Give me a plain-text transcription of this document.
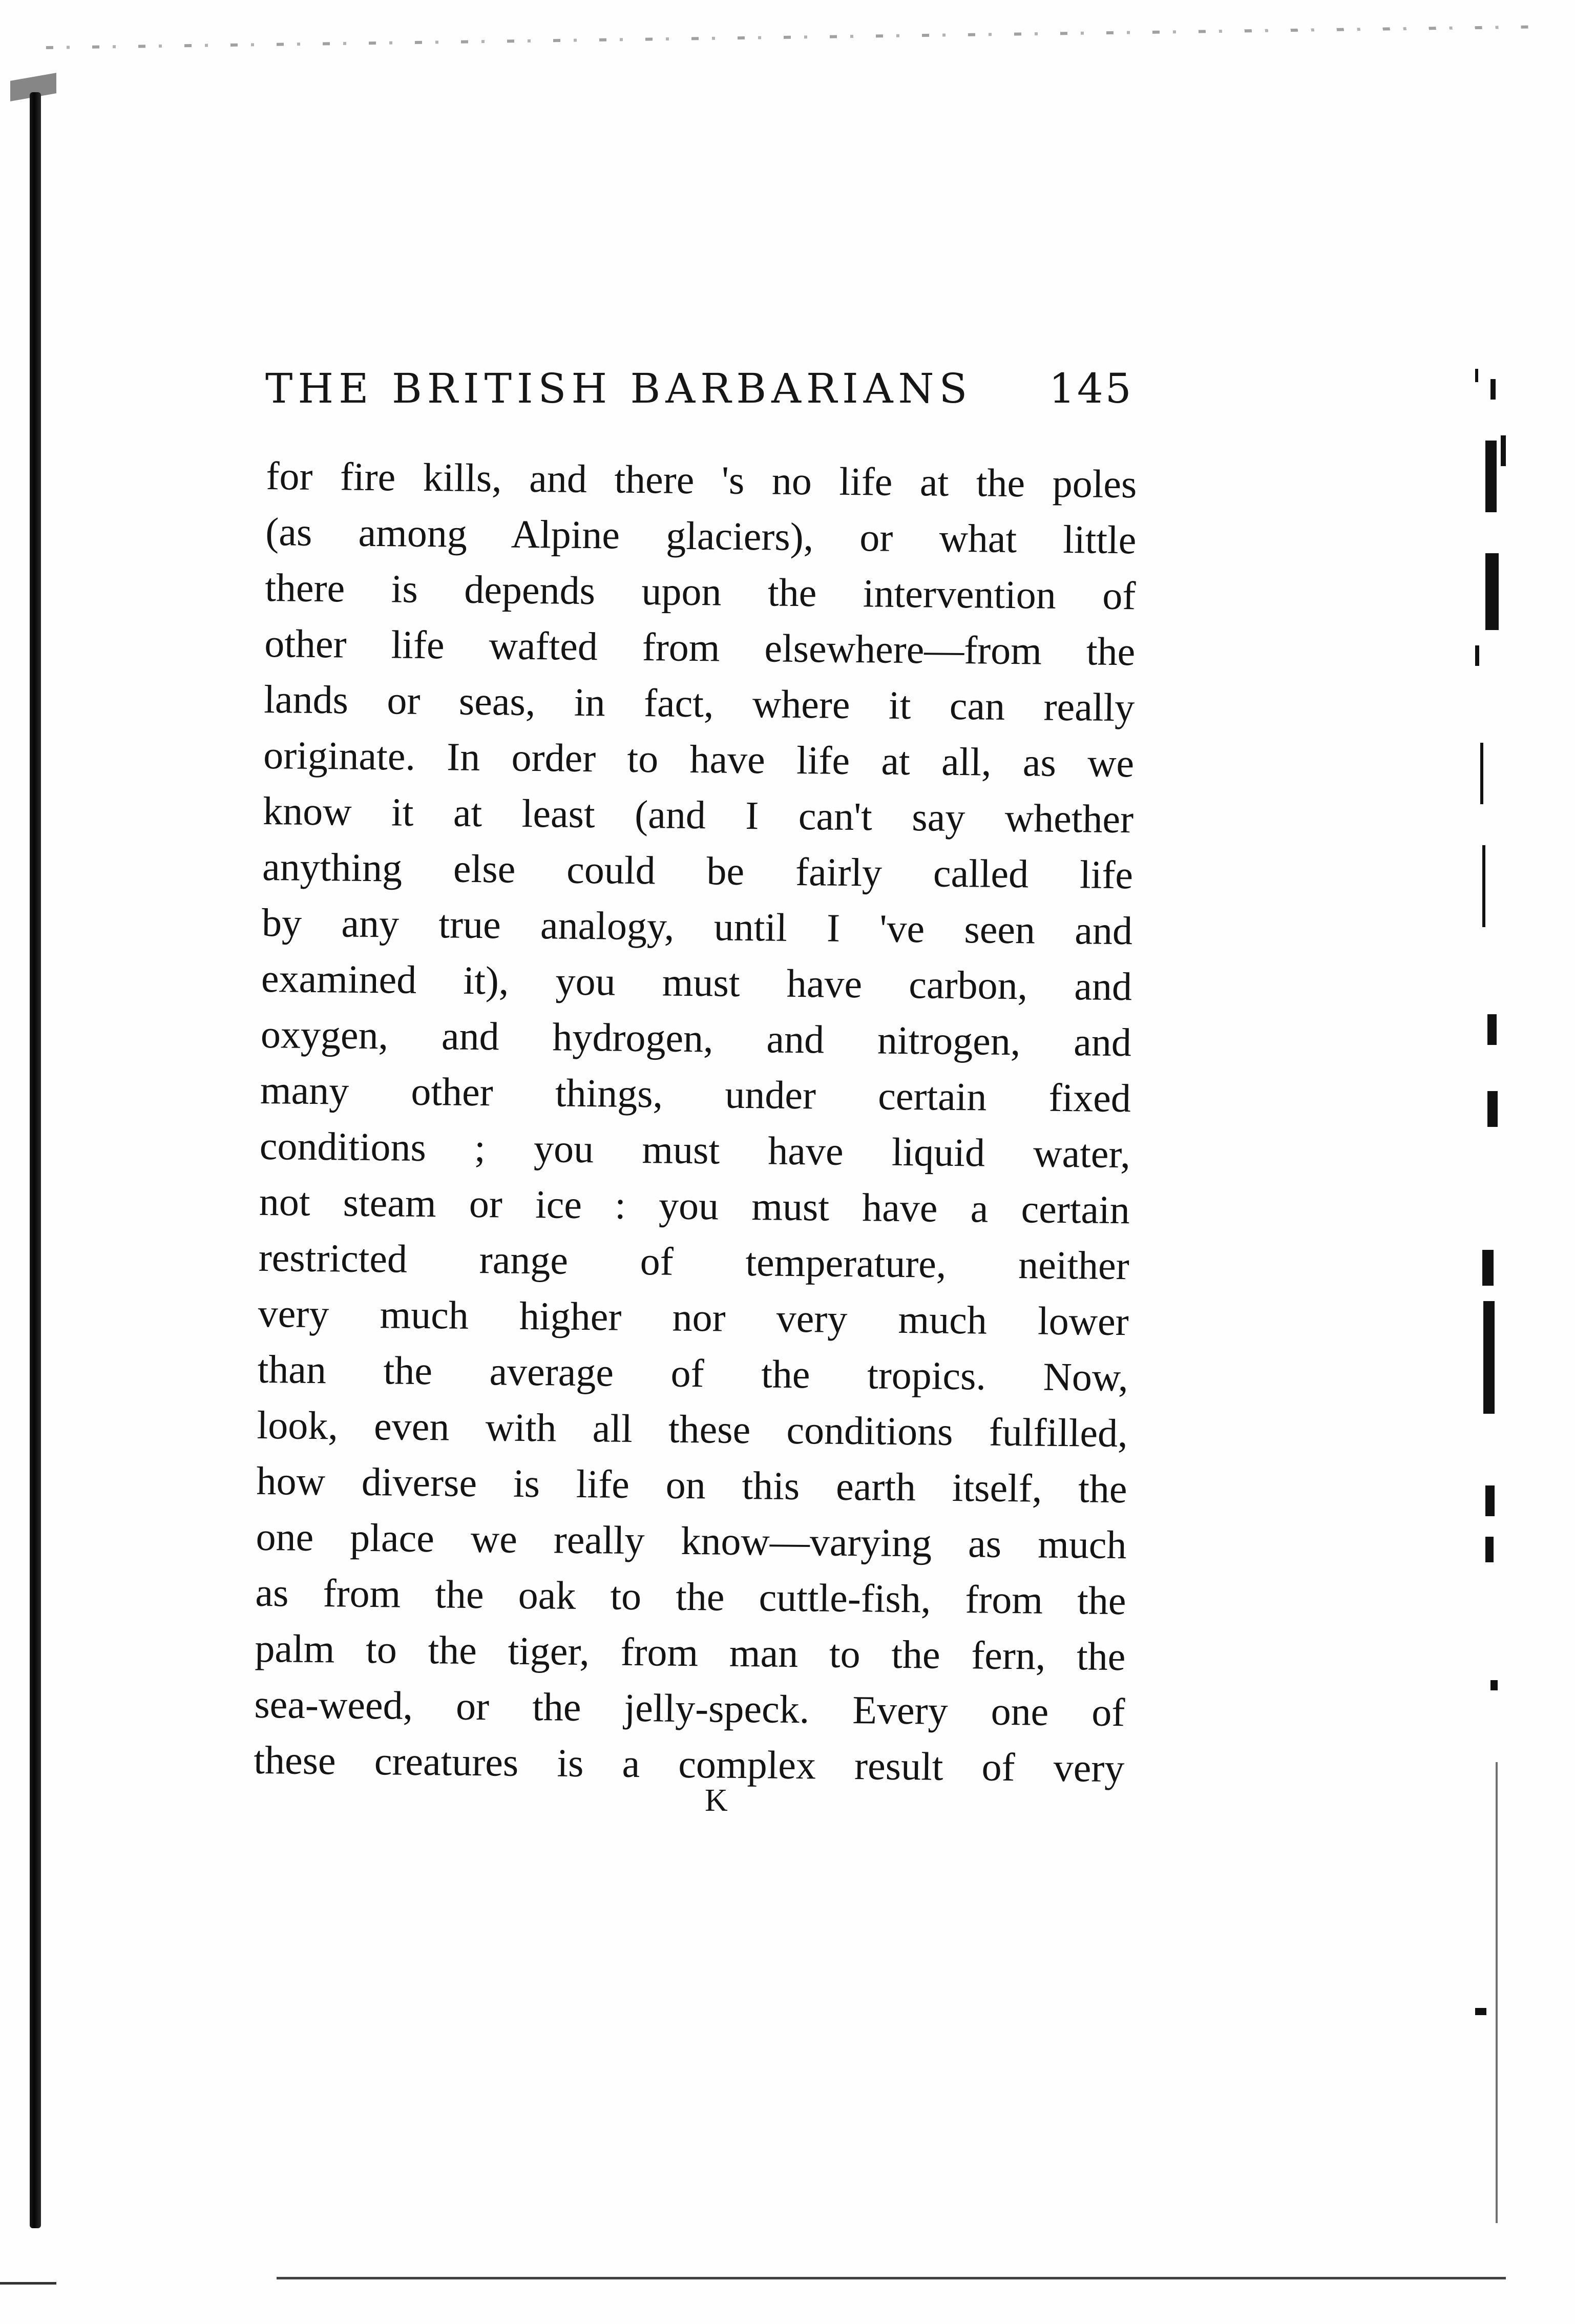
THE BRITISH BARBARIANS 145
for fire kills, and there 's no life at the poles
(as among Alpine glaciers), or what little
there is depends upon the intervention of
other life wafted from elsewhere—from the
lands or seas, in fact, where it can really
originate. In order to have life at all, as we
know it at least (and I can't say whether
anything else could be fairly called life
by any true analogy, until I 've seen and
examined it), you must have carbon, and
oxygen, and hydrogen, and nitrogen, and
many other things, under certain fixed
conditions ; you must have liquid water,
not steam or ice : you must have a certain
restricted range of temperature, neither
very much higher nor very much lower
than the average of the tropics. Now,
look, even with all these conditions fulfilled,
how diverse is life on this earth itself, the
one place we really know—varying as much
as from the oak to the cuttle-fish, from the
palm to the tiger, from man to the fern, the
sea-weed, or the jelly-speck. Every one of
these creatures is a complex result of very
K
